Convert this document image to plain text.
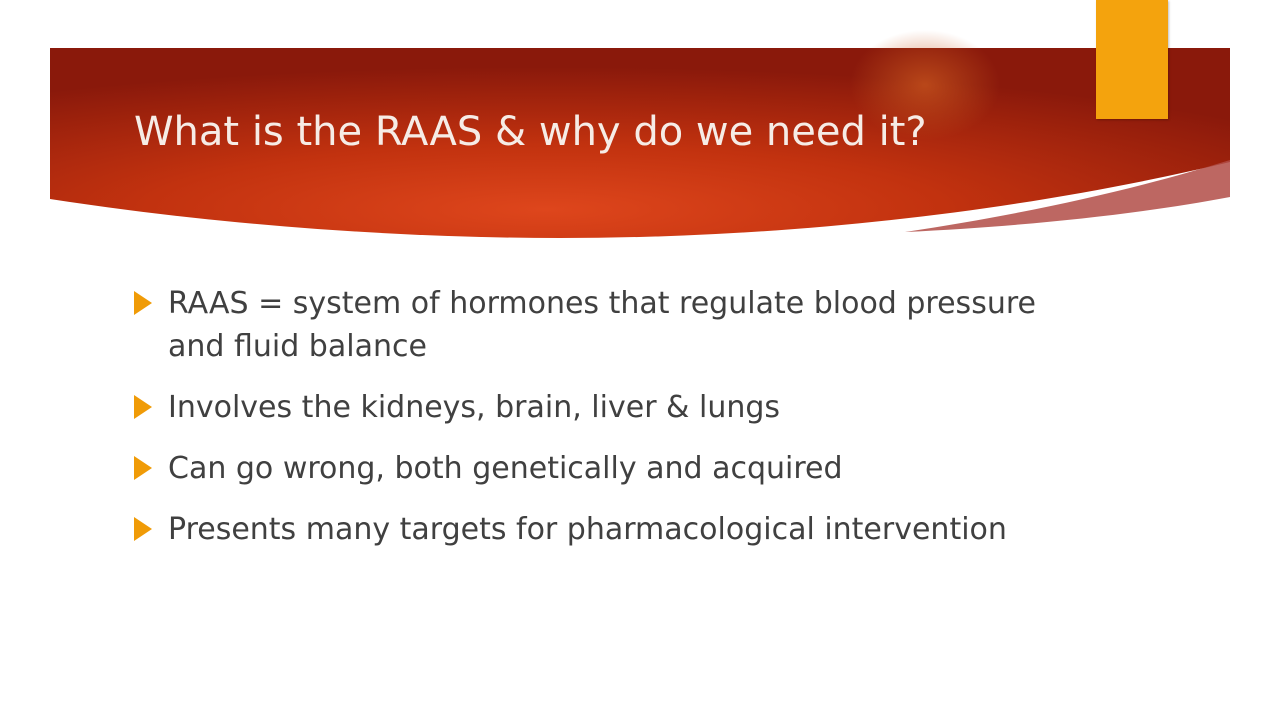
What is the RAAS & why do we need it?
RAAS = system of hormones that regulate blood pressure and fluid balance
Involves the kidneys, brain, liver & lungs
Can go wrong, both genetically and acquired
Presents many targets for pharmacological intervention
